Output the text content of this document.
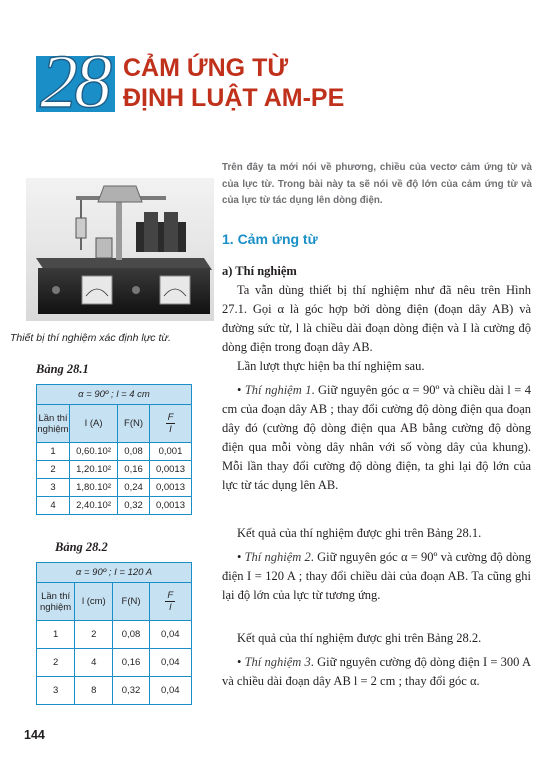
28 CẢM ỨNG TỪ
ĐỊNH LUẬT AM-PE
Thiết bị thí nghiệm xác định lực từ.
Trên đây ta mới nói về phương, chiều của vectơ cảm ứng từ và của lực từ. Trong bài này ta sẽ nói về độ lớn của cảm ứng từ và của lực từ tác dụng lên dòng điện.
1. Cảm ứng từ
a) Thí nghiệm
Ta vẫn dùng thiết bị thí nghiệm như đã nêu trên Hình 27.1. Gọi α là góc hợp bởi dòng điện (đoạn dây AB) và đường sức từ, l là chiều dài đoạn dòng điện và I là cường độ dòng điện trong đoạn dây AB.
Lần lượt thực hiện ba thí nghiệm sau.
• Thí nghiệm 1. Giữ nguyên góc α = 90º và chiều dài l = 4 cm của đoạn dây AB ; thay đổi cường độ dòng điện qua đoạn dây đó (cường độ dòng điện qua AB bằng cường độ dòng điện qua mỗi vòng dây nhân với số vòng dây của khung). Mỗi lần thay đổi cường độ dòng điện, ta ghi lại độ lớn của lực từ tác dụng lên AB.
Kết quả của thí nghiệm được ghi trên Bảng 28.1.
• Thí nghiệm 2. Giữ nguyên góc α = 90º và cường độ dòng điện I = 120 A ; thay đổi chiều dài của đoạn AB. Ta cũng ghi lại độ lớn của lực từ tương ứng.
Kết quả của thí nghiệm được ghi trên Bảng 28.2.
• Thí nghiệm 3. Giữ nguyên cường độ dòng điện I = 300 A và chiều dài đoạn dây AB l = 2 cm ; thay đổi góc α.
Bảng 28.1
α = 90º ; l = 4 cm			
Lần thí nghiệm	I (A)	F(N)	$\frac{F}{I}$

1	0,60.10²	0,08	0,001
2	1,20.10²	0,16	0,0013
3	1,80.10²	0,24	0,0013
4	2,40.10²	0,32	0,0013
Bảng 28.2
α = 90º ; I = 120 A			
Lần thí nghiệm	l (cm)	F(N)	$\frac{F}{l}$

1	2	0,08	0,04
2	4	0,16	0,04
3	8	0,32	0,04
144
